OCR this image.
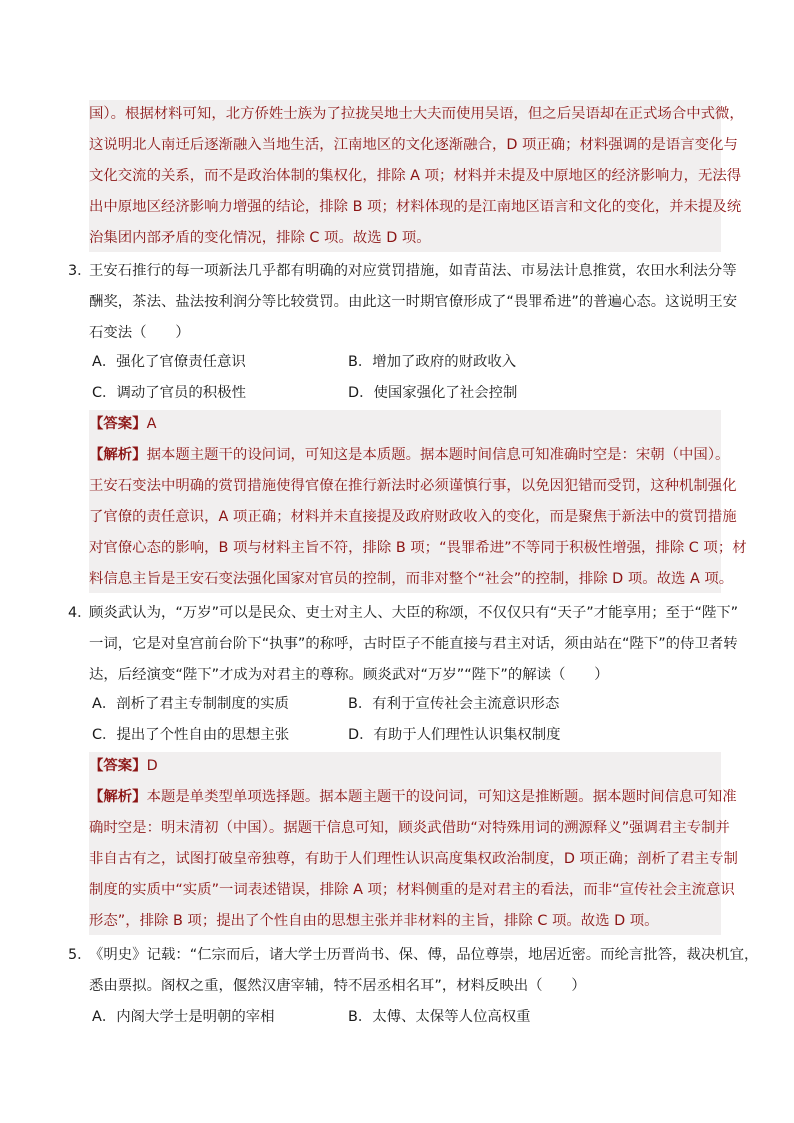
国）。根据材料可知，北方侨姓士族为了拉拢吴地士大夫而使用吴语，但之后吴语却在正式场合中式微，
这说明北人南迁后逐渐融入当地生活，江南地区的文化逐渐融合，D 项正确；材料强调的是语言变化与
文化交流的关系，而不是政治体制的集权化，排除 A 项；材料并未提及中原地区的经济影响力，无法得
出中原地区经济影响力增强的结论，排除 B 项；材料体现的是江南地区语言和文化的变化，并未提及统
治集团内部矛盾的变化情况，排除 C 项。故选 D 项。
3．
王安石推行的每一项新法几乎都有明确的对应赏罚措施，如青苗法、市易法计息推赏，农田水利法分等
酬奖，茶法、盐法按利润分等比较赏罚。由此这一时期官僚形成了“畏罪希进”的普遍心态。这说明王安
石变法（　　）
A．强化了官僚责任意识	B．增加了政府的财政收入
C．调动了官员的积极性	D．使国家强化了社会控制
【答案】A
【解析】据本题主题干的设问词，可知这是本质题。据本题时间信息可知准确时空是：宋朝（中国）。
王安石变法中明确的赏罚措施使得官僚在推行新法时必须谨慎行事，以免因犯错而受罚，这种机制强化
了官僚的责任意识，A 项正确；材料并未直接提及政府财政收入的变化，而是聚焦于新法中的赏罚措施
对官僚心态的影响，B 项与材料主旨不符，排除 B 项；“畏罪希进”不等同于积极性增强，排除 C 项；材
料信息主旨是王安石变法强化国家对官员的控制，而非对整个“社会”的控制，排除 D 项。故选 A 项。
4．
顾炎武认为，“万岁”可以是民众、吏士对主人、大臣的称颂，不仅仅只有“天子”才能享用；至于“陛下”
一词，它是对皇宫前台阶下“执事”的称呼，古时臣子不能直接与君主对话，须由站在“陛下”的侍卫者转
达，后经演变“陛下”才成为对君主的尊称。顾炎武对“万岁”“陛下”的解读（　　）
A．剖析了君主专制制度的实质	B．有利于宣传社会主流意识形态
C．提出了个性自由的思想主张	D．有助于人们理性认识集权制度
【答案】D
【解析】本题是单类型单项选择题。据本题主题干的设问词，可知这是推断题。据本题时间信息可知准
确时空是：明末清初（中国）。据题干信息可知，顾炎武借助“对特殊用词的溯源释义”强调君主专制并
非自古有之，试图打破皇帝独尊，有助于人们理性认识高度集权政治制度，D 项正确；剖析了君主专制
制度的实质中“实质”一词表述错误，排除 A 项；材料侧重的是对君主的看法，而非“宣传社会主流意识
形态”，排除 B 项；提出了个性自由的思想主张并非材料的主旨，排除 C 项。故选 D 项。
5．
《明史》记载：“仁宗而后，诸大学士历晋尚书、保、傅，品位尊崇，地居近密。而纶言批答，裁决机宜，
悉由票拟。阁权之重，偃然汉唐宰辅，特不居丞相名耳”，材料反映出（　　）
A．内阁大学士是明朝的宰相	B．太傅、太保等人位高权重
